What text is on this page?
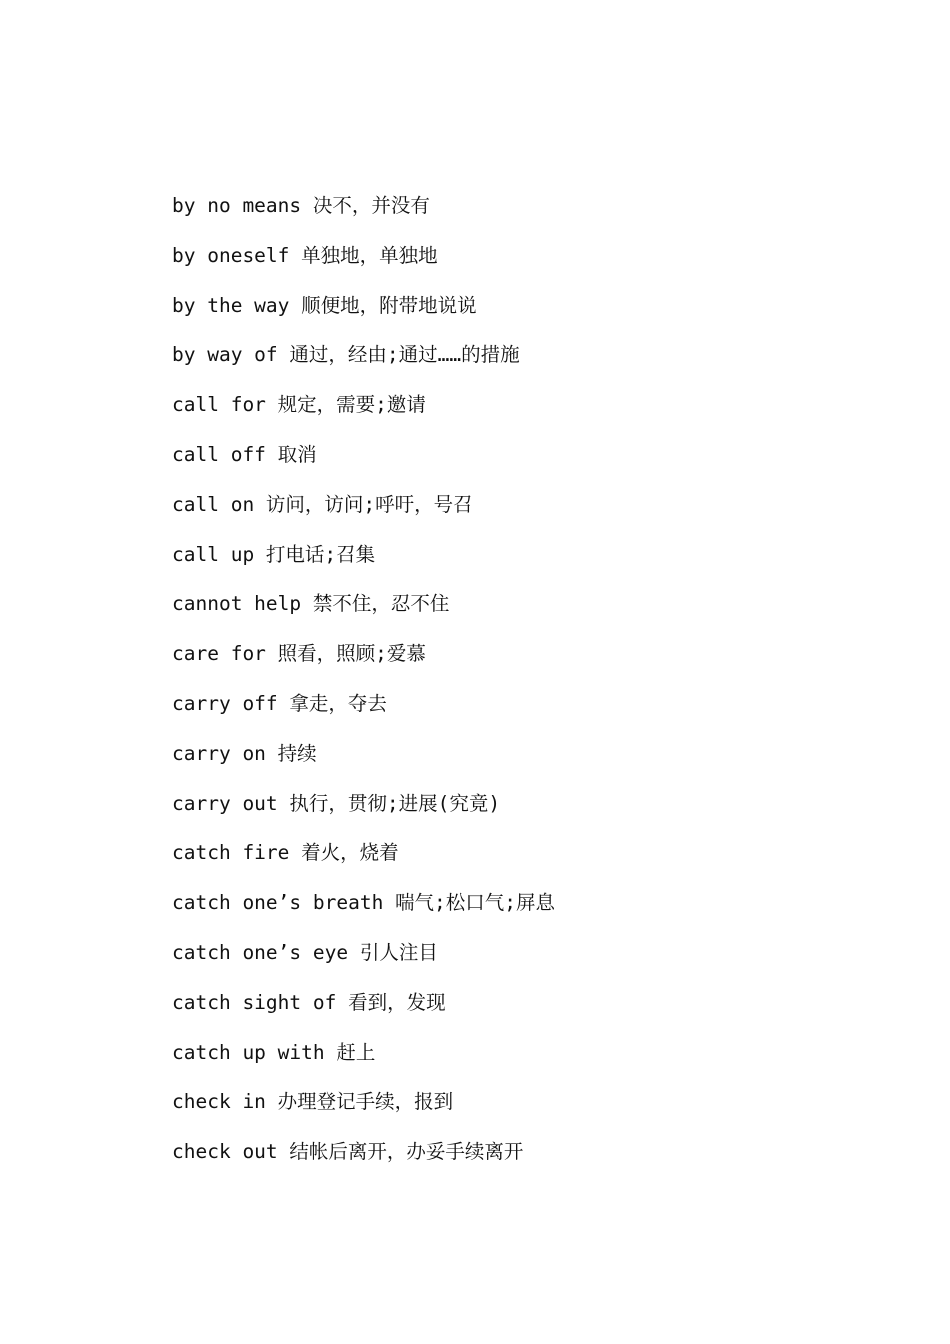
by no means 决不，并没有
by oneself 单独地，单独地
by the way 顺便地，附带地说说
by way of 通过，经由;通过……的措施
call for 规定，需要;邀请
call off 取消
call on 访问，访问;呼吁，号召
call up 打电话;召集
cannot help 禁不住，忍不住
care for 照看，照顾;爱慕
carry off 拿走，夺去
carry on 持续
carry out 执行，贯彻;进展(究竟)
catch fire 着火，烧着
catch one’s breath 喘气;松口气;屏息
catch one’s eye 引人注目
catch sight of 看到，发现
catch up with 赶上
check in 办理登记手续，报到
check out 结帐后离开，办妥手续离开
